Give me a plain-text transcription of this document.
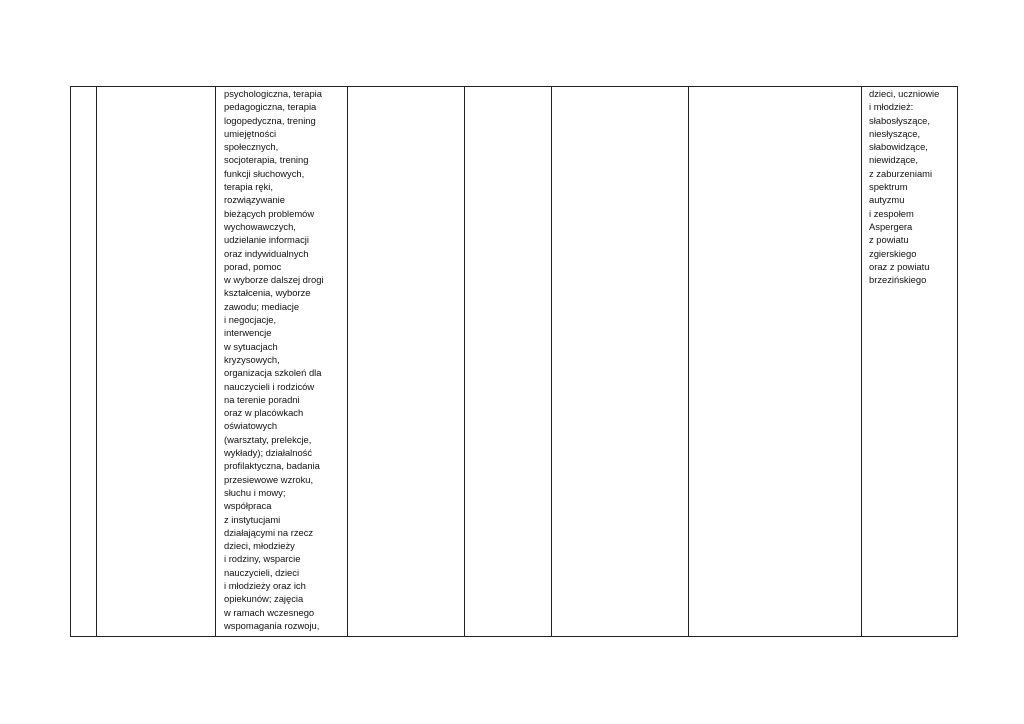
psychologiczna, terapia
pedagogiczna, terapia
logopedyczna, trening
umiejętności
społecznych,
socjoterapia, trening
funkcji słuchowych,
terapia ręki,
rozwiązywanie
bieżących problemów
wychowawczych,
udzielanie informacji
oraz indywidualnych
porad, pomoc
w wyborze dalszej drogi
kształcenia, wyborze
zawodu; mediacje
i negocjacje,
interwencje
w sytuacjach
kryzysowych,
organizacja szkoleń dla
nauczycieli i rodziców
na terenie poradni
oraz w placówkach
oświatowych
(warsztaty, prelekcje,
wykłady); działalność
profilaktyczna, badania
przesiewowe wzroku,
słuchu i mowy;
współpraca
z instytucjami
działającymi na rzecz
dzieci, młodzieży
i rodziny, wsparcie
nauczycieli, dzieci
i młodzieży oraz ich
opiekunów; zajęcia
w ramach wczesnego
wspomagania rozwoju,
dzieci, uczniowie
i młodzież:
słabosłyszące,
niesłyszące,
słabowidzące,
niewidzące,
z zaburzeniami
spektrum
autyzmu
i zespołem
Aspergera
z powiatu
zgierskiego
oraz z powiatu
brzezińskiego
